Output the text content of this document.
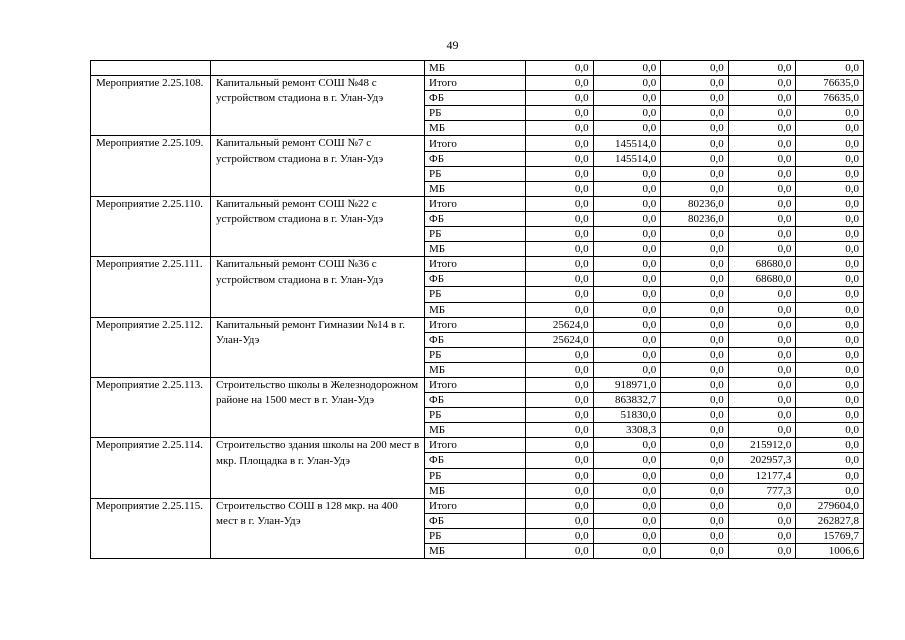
49
		МБ	0,0	0,0	0,0	0,0	0,0
Мероприятие 2.25.108.	Капитальный ремонт СОШ №48 с устройством стадиона в г. Улан-Удэ	Итого	0,0	0,0	0,0	0,0	76635,0
		ФБ	0,0	0,0	0,0	0,0	76635,0
		РБ	0,0	0,0	0,0	0,0	0,0
		МБ	0,0	0,0	0,0	0,0	0,0
Мероприятие 2.25.109.	Капитальный ремонт СОШ №7 с устройством стадиона в г. Улан-Удэ	Итого	0,0	145514,0	0,0	0,0	0,0
		ФБ	0,0	145514,0	0,0	0,0	0,0
		РБ	0,0	0,0	0,0	0,0	0,0
		МБ	0,0	0,0	0,0	0,0	0,0
Мероприятие 2.25.110.	Капитальный ремонт СОШ №22 с устройством стадиона в г. Улан-Удэ	Итого	0,0	0,0	80236,0	0,0	0,0
		ФБ	0,0	0,0	80236,0	0,0	0,0
		РБ	0,0	0,0	0,0	0,0	0,0
		МБ	0,0	0,0	0,0	0,0	0,0
Мероприятие 2.25.111.	Капитальный ремонт СОШ №36 с устройством стадиона в г. Улан-Удэ	Итого	0,0	0,0	0,0	68680,0	0,0
		ФБ	0,0	0,0	0,0	68680,0	0,0
		РБ	0,0	0,0	0,0	0,0	0,0
		МБ	0,0	0,0	0,0	0,0	0,0
Мероприятие 2.25.112.	Капитальный ремонт Гимназии №14 в г. Улан-Удэ	Итого	25624,0	0,0	0,0	0,0	0,0
		ФБ	25624,0	0,0	0,0	0,0	0,0
		РБ	0,0	0,0	0,0	0,0	0,0
		МБ	0,0	0,0	0,0	0,0	0,0
Мероприятие 2.25.113.	Строительство школы в Железнодорожном районе на 1500 мест в г. Улан-Удэ	Итого	0,0	918971,0	0,0	0,0	0,0
		ФБ	0,0	863832,7	0,0	0,0	0,0
		РБ	0,0	51830,0	0,0	0,0	0,0
		МБ	0,0	3308,3	0,0	0,0	0,0
Мероприятие 2.25.114.	Строительство здания школы на 200 мест в мкр. Площадка в г. Улан-Удэ	Итого	0,0	0,0	0,0	215912,0	0,0
		ФБ	0,0	0,0	0,0	202957,3	0,0
		РБ	0,0	0,0	0,0	12177,4	0,0
		МБ	0,0	0,0	0,0	777,3	0,0
Мероприятие 2.25.115.	Строительство СОШ в 128 мкр. на 400 мест в г. Улан-Удэ	Итого	0,0	0,0	0,0	0,0	279604,0
		ФБ	0,0	0,0	0,0	0,0	262827,8
		РБ	0,0	0,0	0,0	0,0	15769,7
		МБ	0,0	0,0	0,0	0,0	1006,6
